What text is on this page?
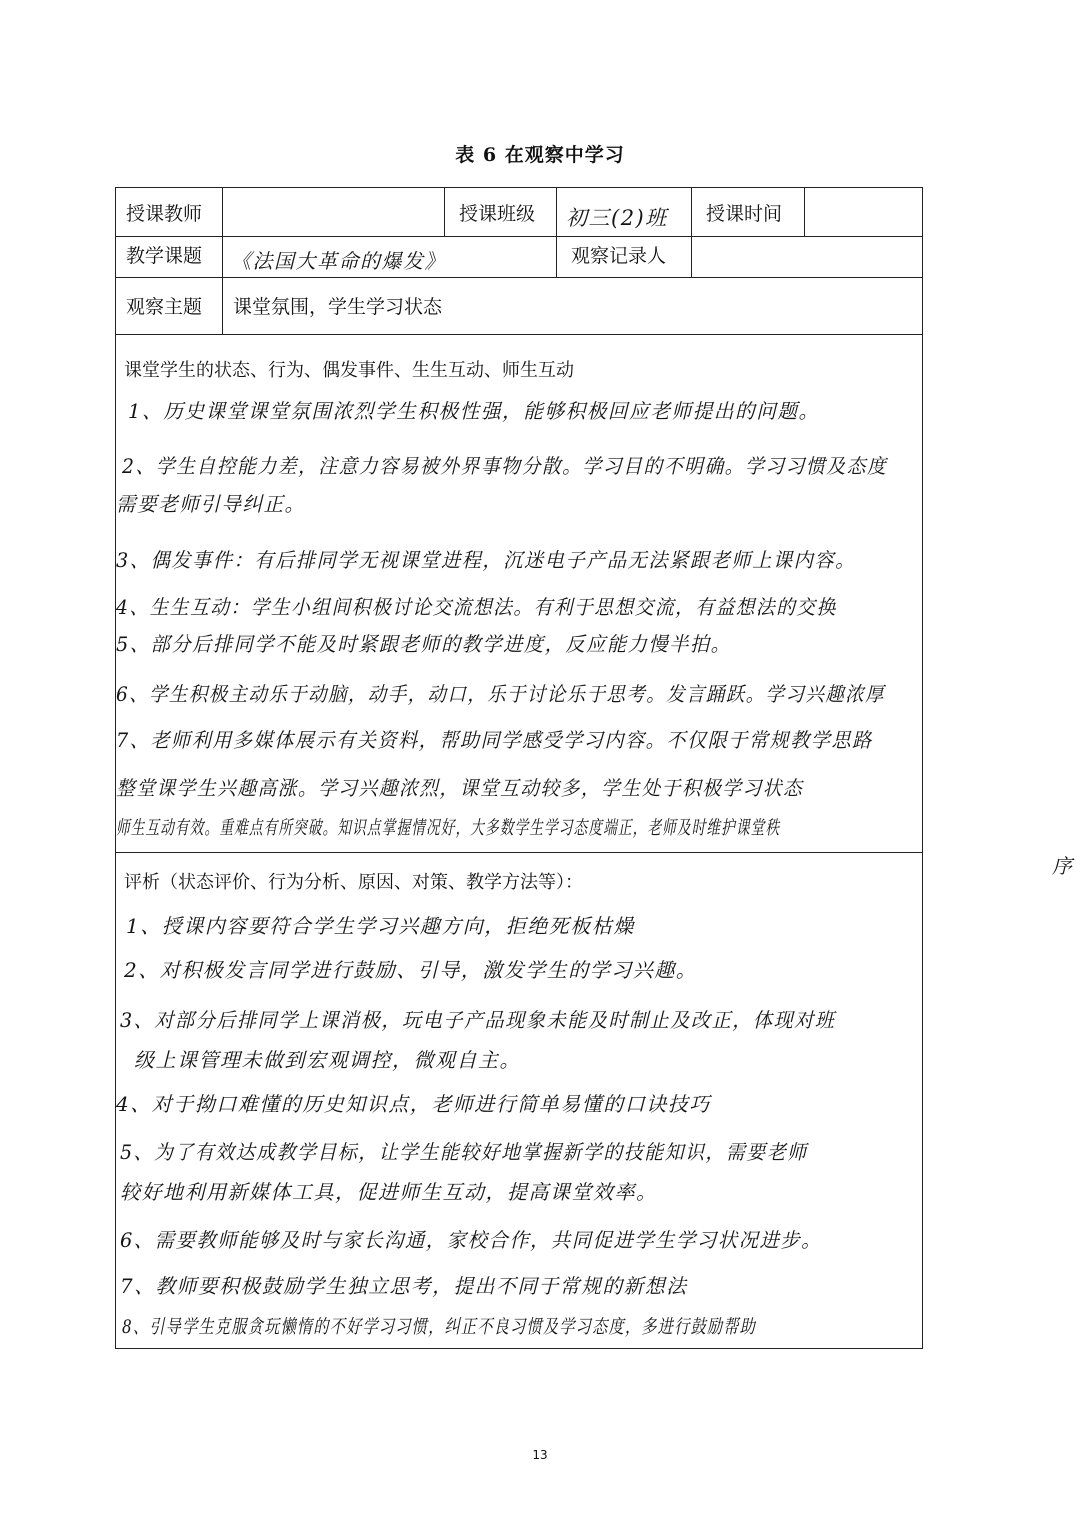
表 6 在观察中学习
授课教师	授课班级 初三(2)班 授课时间
教学课题 《法国大革命的爆发》	观察记录人
观察主题 课堂氛围，学生学习状态
课堂学生的状态、行为、偶发事件、生生互动、师生互动
1、历史课堂课堂氛围浓烈学生积极性强，能够积极回应老师提出的问题。
2、学生自控能力差，注意力容易被外界事物分散。学习目的不明确。学习习惯及态度
需要老师引导纠正。
3、偶发事件：有后排同学无视课堂进程，沉迷电子产品无法紧跟老师上课内容。
4、生生互动：学生小组间积极讨论交流想法。有利于思想交流，有益想法的交换
5、部分后排同学不能及时紧跟老师的教学进度，反应能力慢半拍。
6、学生积极主动乐于动脑，动手，动口，乐于讨论乐于思考。发言踊跃。学习兴趣浓厚
7、老师利用多媒体展示有关资料，帮助同学感受学习内容。不仅限于常规教学思路
整堂课学生兴趣高涨。学习兴趣浓烈，课堂互动较多，学生处于积极学习状态
师生互动有效。重难点有所突破。知识点掌握情况好，大多数学生学习态度端正，老师及时维护课堂秩
评析（状态评价、行为分析、原因、对策、教学方法等）：
1、授课内容要符合学生学习兴趣方向，拒绝死板枯燥
2、对积极发言同学进行鼓励、引导，激发学生的学习兴趣。
3、对部分后排同学上课消极，玩电子产品现象未能及时制止及改正，体现对班
级上课管理未做到宏观调控，微观自主。
4、对于拗口难懂的历史知识点，老师进行简单易懂的口诀技巧
5、为了有效达成教学目标，让学生能较好地掌握新学的技能知识，需要老师
较好地利用新媒体工具，促进师生互动，提高课堂效率。
6、需要教师能够及时与家长沟通，家校合作，共同促进学生学习状况进步。
7、教师要积极鼓励学生独立思考，提出不同于常规的新想法
8、引导学生克服贪玩懒惰的不好学习习惯，纠正不良习惯及学习态度，多进行鼓励帮助
序
13
